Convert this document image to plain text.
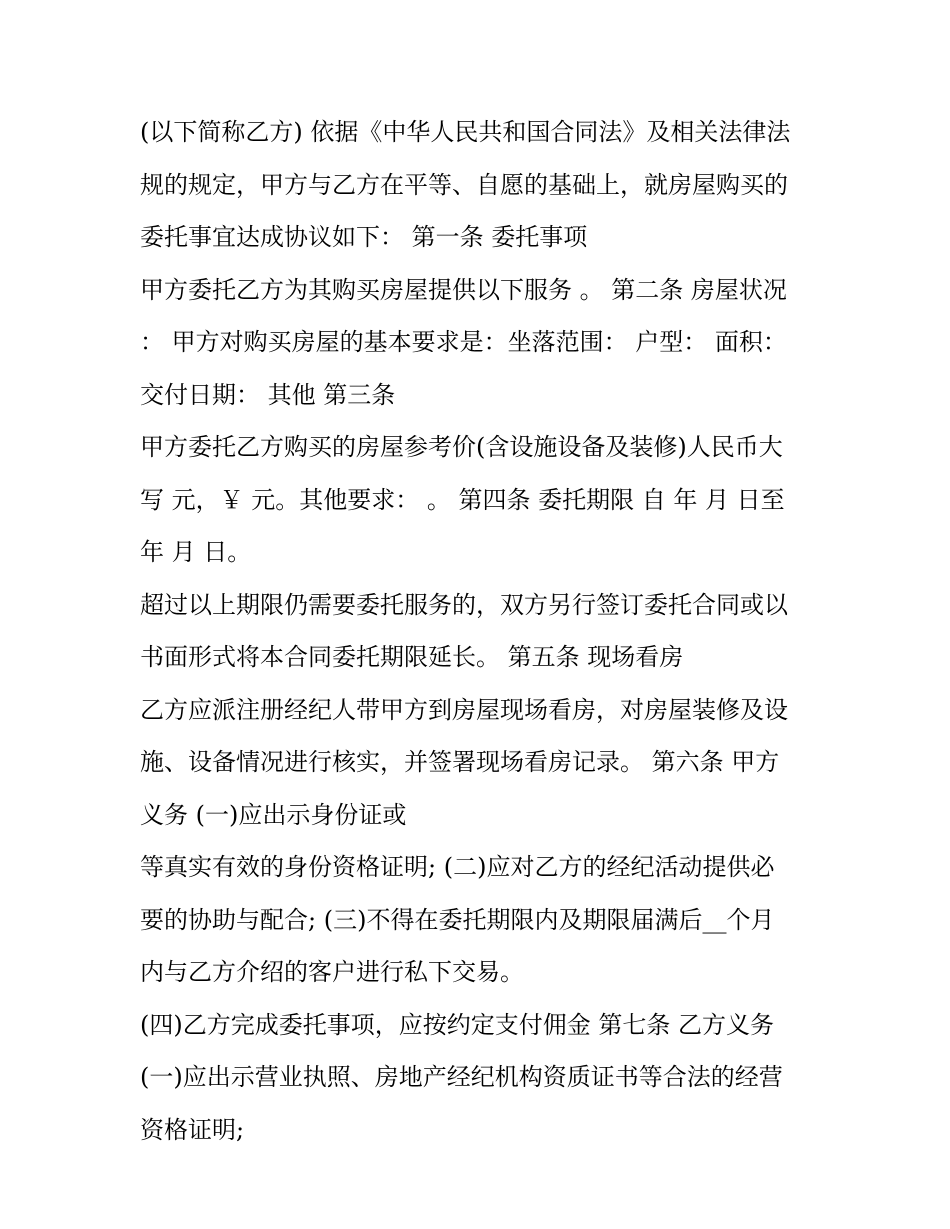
(以下简称乙方) 依据《中华人民共和国合同法》及相关法律法
规的规定，甲方与乙方在平等、自愿的基础上，就房屋购买的
委托事宜达成协议如下： 第一条 委托事项
甲方委托乙方为其购买房屋提供以下服务 。 第二条 房屋状况
： 甲方对购买房屋的基本要求是：坐落范围： 户型： 面积：
交付日期： 其他 第三条
甲方委托乙方购买的房屋参考价(含设施设备及装修)人民币大
写 元，￥ 元。其他要求： 。 第四条 委托期限 自 年 月 日至
年 月 日。
超过以上期限仍需要委托服务的，双方另行签订委托合同或以
书面形式将本合同委托期限延长。 第五条 现场看房
乙方应派注册经纪人带甲方到房屋现场看房，对房屋装修及设
施、设备情况进行核实，并签署现场看房记录。 第六条 甲方
义务 (一)应出示身份证或
等真实有效的身份资格证明; (二)应对乙方的经纪活动提供必
要的协助与配合; (三)不得在委托期限内及期限届满后__个月
内与乙方介绍的客户进行私下交易。
(四)乙方完成委托事项，应按约定支付佣金 第七条 乙方义务
(一)应出示营业执照、房地产经纪机构资质证书等合法的经营
资格证明;
